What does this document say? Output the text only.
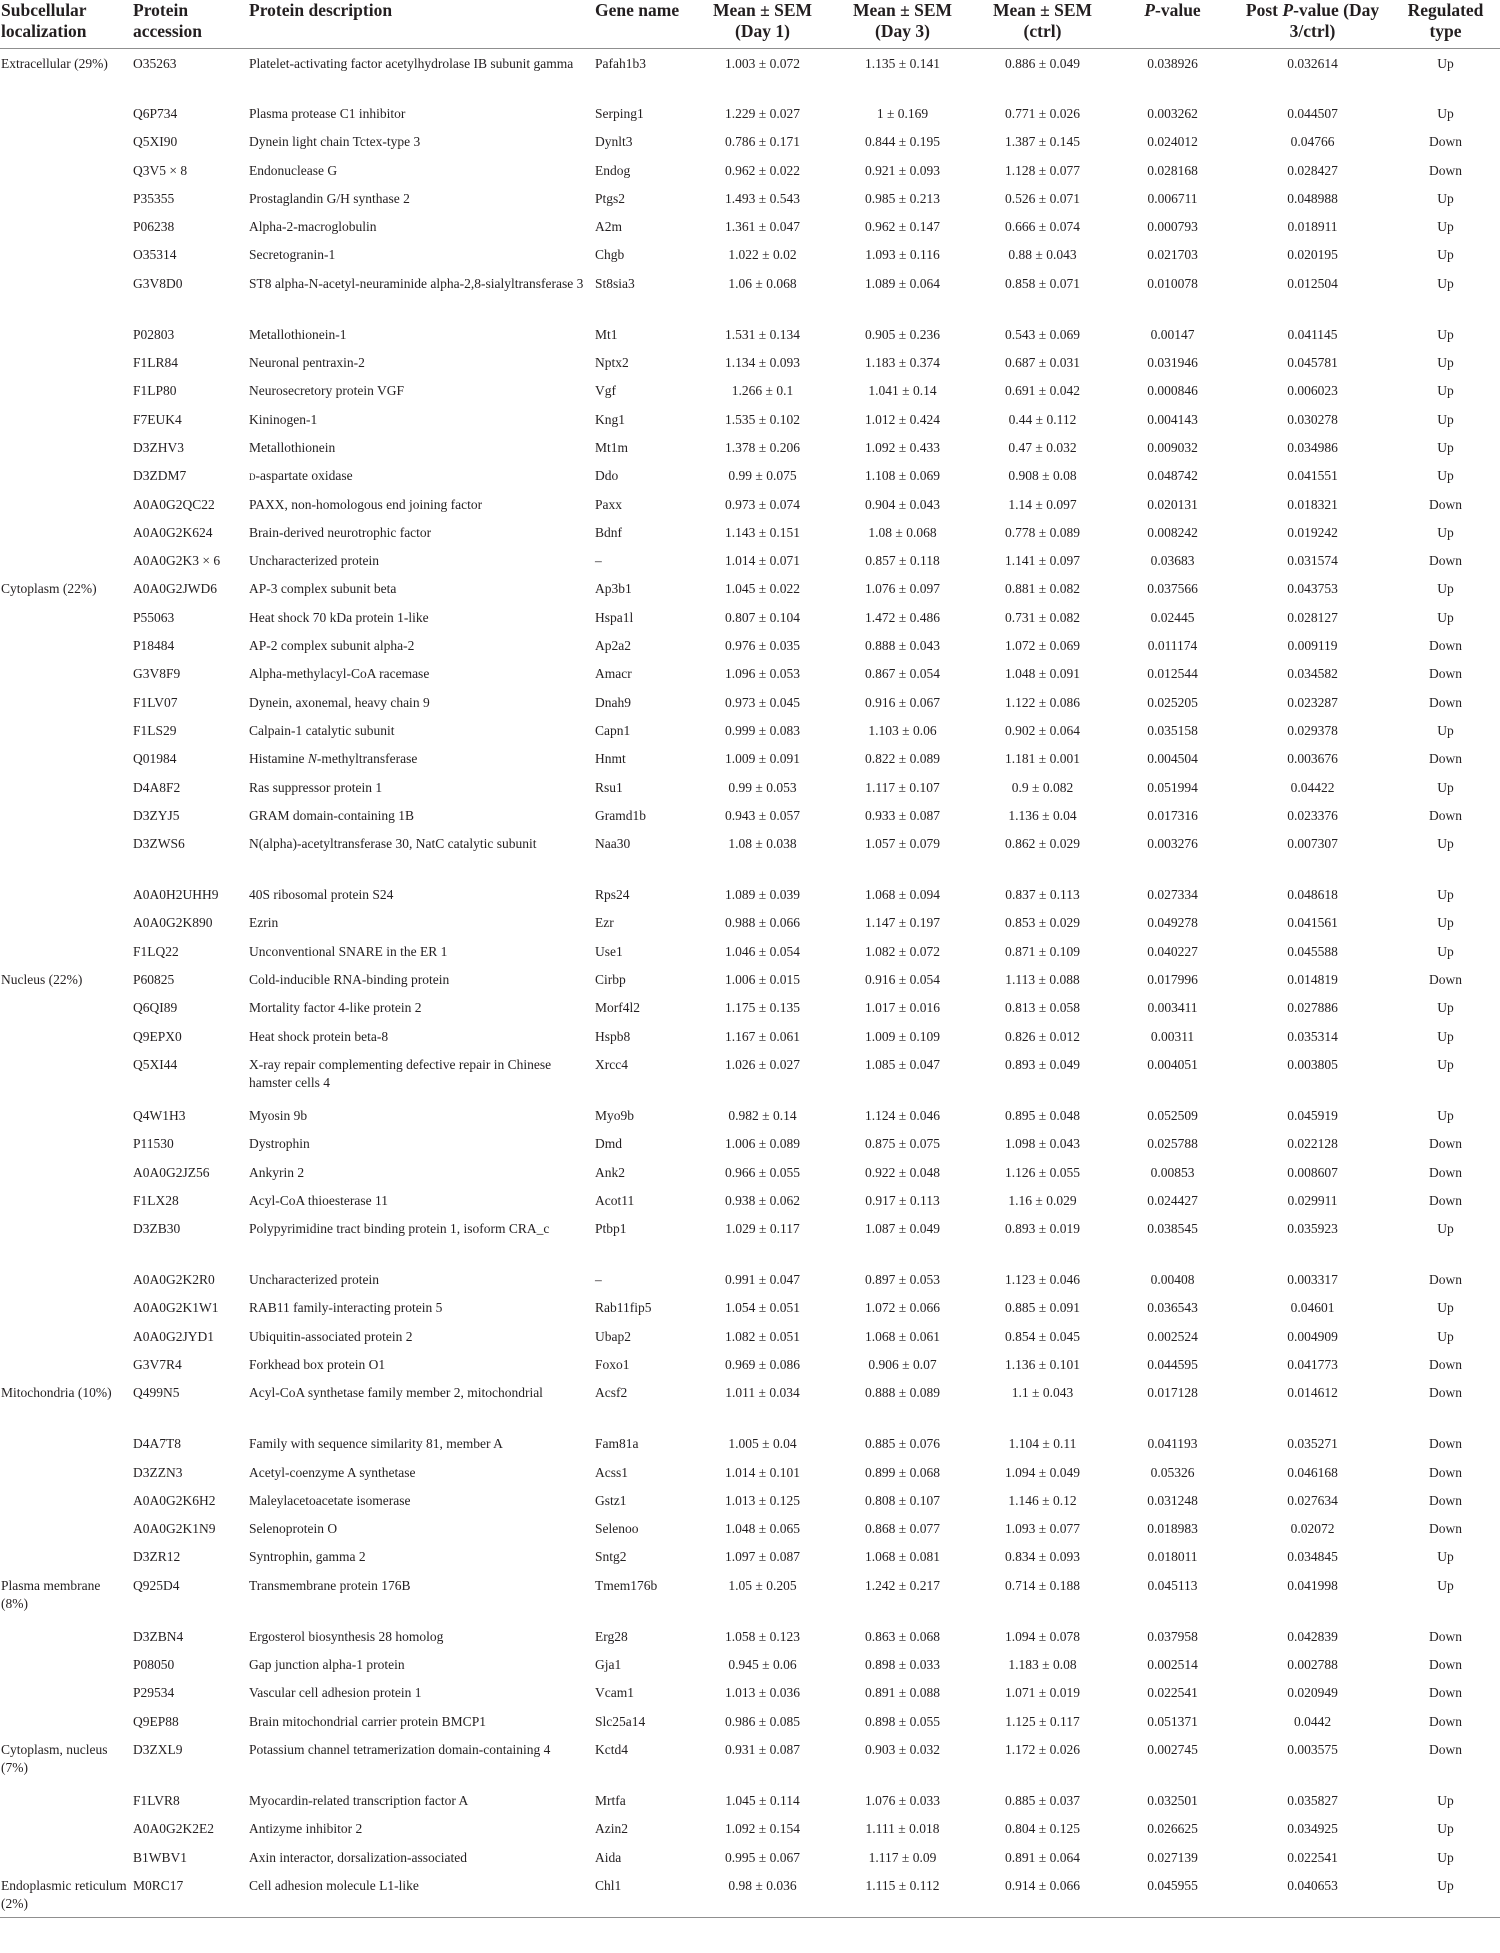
Subcellular localization	Protein accession	Protein description	Gene name	Mean ± SEM (Day 1)	Mean ± SEM (Day 3)	Mean ± SEM (ctrl)	P-value	Post P-value (Day 3/ctrl)	Regulated type
Extracellular (29%)	O35263	Platelet-activating factor acetylhydrolase IB subunit gamma	Pafah1b3	1.003 ± 0.072	1.135 ± 0.141	0.886 ± 0.049	0.038926	0.032614	Up
	Q6P734	Plasma protease C1 inhibitor	Serping1	1.229 ± 0.027	1 ± 0.169	0.771 ± 0.026	0.003262	0.044507	Up
	Q5XI90	Dynein light chain Tctex-type 3	Dynlt3	0.786 ± 0.171	0.844 ± 0.195	1.387 ± 0.145	0.024012	0.04766	Down
	Q3V5 × 8	Endonuclease G	Endog	0.962 ± 0.022	0.921 ± 0.093	1.128 ± 0.077	0.028168	0.028427	Down
	P35355	Prostaglandin G/H synthase 2	Ptgs2	1.493 ± 0.543	0.985 ± 0.213	0.526 ± 0.071	0.006711	0.048988	Up
	P06238	Alpha-2-macroglobulin	A2m	1.361 ± 0.047	0.962 ± 0.147	0.666 ± 0.074	0.000793	0.018911	Up
	O35314	Secretogranin-1	Chgb	1.022 ± 0.02	1.093 ± 0.116	0.88 ± 0.043	0.021703	0.020195	Up
	G3V8D0	ST8 alpha-N-acetyl-neuraminide alpha-2,8-sialyltransferase 3	St8sia3	1.06 ± 0.068	1.089 ± 0.064	0.858 ± 0.071	0.010078	0.012504	Up
	P02803	Metallothionein-1	Mt1	1.531 ± 0.134	0.905 ± 0.236	0.543 ± 0.069	0.00147	0.041145	Up
	F1LR84	Neuronal pentraxin-2	Nptx2	1.134 ± 0.093	1.183 ± 0.374	0.687 ± 0.031	0.031946	0.045781	Up
	F1LP80	Neurosecretory protein VGF	Vgf	1.266 ± 0.1	1.041 ± 0.14	0.691 ± 0.042	0.000846	0.006023	Up
	F7EUK4	Kininogen-1	Kng1	1.535 ± 0.102	1.012 ± 0.424	0.44 ± 0.112	0.004143	0.030278	Up
	D3ZHV3	Metallothionein	Mt1m	1.378 ± 0.206	1.092 ± 0.433	0.47 ± 0.032	0.009032	0.034986	Up
	D3ZDM7	d-aspartate oxidase	Ddo	0.99 ± 0.075	1.108 ± 0.069	0.908 ± 0.08	0.048742	0.041551	Up
	A0A0G2QC22	PAXX, non-homologous end joining factor	Paxx	0.973 ± 0.074	0.904 ± 0.043	1.14 ± 0.097	0.020131	0.018321	Down
	A0A0G2K624	Brain-derived neurotrophic factor	Bdnf	1.143 ± 0.151	1.08 ± 0.068	0.778 ± 0.089	0.008242	0.019242	Up
	A0A0G2K3 × 6	Uncharacterized protein	–	1.014 ± 0.071	0.857 ± 0.118	1.141 ± 0.097	0.03683	0.031574	Down
Cytoplasm (22%)	A0A0G2JWD6	AP-3 complex subunit beta	Ap3b1	1.045 ± 0.022	1.076 ± 0.097	0.881 ± 0.082	0.037566	0.043753	Up
	P55063	Heat shock 70 kDa protein 1-like	Hspa1l	0.807 ± 0.104	1.472 ± 0.486	0.731 ± 0.082	0.02445	0.028127	Up
	P18484	AP-2 complex subunit alpha-2	Ap2a2	0.976 ± 0.035	0.888 ± 0.043	1.072 ± 0.069	0.011174	0.009119	Down
	G3V8F9	Alpha-methylacyl-CoA racemase	Amacr	1.096 ± 0.053	0.867 ± 0.054	1.048 ± 0.091	0.012544	0.034582	Down
	F1LV07	Dynein, axonemal, heavy chain 9	Dnah9	0.973 ± 0.045	0.916 ± 0.067	1.122 ± 0.086	0.025205	0.023287	Down
	F1LS29	Calpain-1 catalytic subunit	Capn1	0.999 ± 0.083	1.103 ± 0.06	0.902 ± 0.064	0.035158	0.029378	Up
	Q01984	Histamine N-methyltransferase	Hnmt	1.009 ± 0.091	0.822 ± 0.089	1.181 ± 0.001	0.004504	0.003676	Down
	D4A8F2	Ras suppressor protein 1	Rsu1	0.99 ± 0.053	1.117 ± 0.107	0.9 ± 0.082	0.051994	0.04422	Up
	D3ZYJ5	GRAM domain-containing 1B	Gramd1b	0.943 ± 0.057	0.933 ± 0.087	1.136 ± 0.04	0.017316	0.023376	Down
	D3ZWS6	N(alpha)-acetyltransferase 30, NatC catalytic subunit	Naa30	1.08 ± 0.038	1.057 ± 0.079	0.862 ± 0.029	0.003276	0.007307	Up
	A0A0H2UHH9	40S ribosomal protein S24	Rps24	1.089 ± 0.039	1.068 ± 0.094	0.837 ± 0.113	0.027334	0.048618	Up
	A0A0G2K890	Ezrin	Ezr	0.988 ± 0.066	1.147 ± 0.197	0.853 ± 0.029	0.049278	0.041561	Up
	F1LQ22	Unconventional SNARE in the ER 1	Use1	1.046 ± 0.054	1.082 ± 0.072	0.871 ± 0.109	0.040227	0.045588	Up
Nucleus (22%)	P60825	Cold-inducible RNA-binding protein	Cirbp	1.006 ± 0.015	0.916 ± 0.054	1.113 ± 0.088	0.017996	0.014819	Down
	Q6QI89	Mortality factor 4-like protein 2	Morf4l2	1.175 ± 0.135	1.017 ± 0.016	0.813 ± 0.058	0.003411	0.027886	Up
	Q9EPX0	Heat shock protein beta-8	Hspb8	1.167 ± 0.061	1.009 ± 0.109	0.826 ± 0.012	0.00311	0.035314	Up
	Q5XI44	X-ray repair complementing defective repair in Chinese hamster cells 4	Xrcc4	1.026 ± 0.027	1.085 ± 0.047	0.893 ± 0.049	0.004051	0.003805	Up
	Q4W1H3	Myosin 9b	Myo9b	0.982 ± 0.14	1.124 ± 0.046	0.895 ± 0.048	0.052509	0.045919	Up
	P11530	Dystrophin	Dmd	1.006 ± 0.089	0.875 ± 0.075	1.098 ± 0.043	0.025788	0.022128	Down
	A0A0G2JZ56	Ankyrin 2	Ank2	0.966 ± 0.055	0.922 ± 0.048	1.126 ± 0.055	0.00853	0.008607	Down
	F1LX28	Acyl-CoA thioesterase 11	Acot11	0.938 ± 0.062	0.917 ± 0.113	1.16 ± 0.029	0.024427	0.029911	Down
	D3ZB30	Polypyrimidine tract binding protein 1, isoform CRA_c	Ptbp1	1.029 ± 0.117	1.087 ± 0.049	0.893 ± 0.019	0.038545	0.035923	Up
	A0A0G2K2R0	Uncharacterized protein	–	0.991 ± 0.047	0.897 ± 0.053	1.123 ± 0.046	0.00408	0.003317	Down
	A0A0G2K1W1	RAB11 family-interacting protein 5	Rab11fip5	1.054 ± 0.051	1.072 ± 0.066	0.885 ± 0.091	0.036543	0.04601	Up
	A0A0G2JYD1	Ubiquitin-associated protein 2	Ubap2	1.082 ± 0.051	1.068 ± 0.061	0.854 ± 0.045	0.002524	0.004909	Up
	G3V7R4	Forkhead box protein O1	Foxo1	0.969 ± 0.086	0.906 ± 0.07	1.136 ± 0.101	0.044595	0.041773	Down
Mitochondria (10%)	Q499N5	Acyl-CoA synthetase family member 2, mitochondrial	Acsf2	1.011 ± 0.034	0.888 ± 0.089	1.1 ± 0.043	0.017128	0.014612	Down
	D4A7T8	Family with sequence similarity 81, member A	Fam81a	1.005 ± 0.04	0.885 ± 0.076	1.104 ± 0.11	0.041193	0.035271	Down
	D3ZZN3	Acetyl-coenzyme A synthetase	Acss1	1.014 ± 0.101	0.899 ± 0.068	1.094 ± 0.049	0.05326	0.046168	Down
	A0A0G2K6H2	Maleylacetoacetate isomerase	Gstz1	1.013 ± 0.125	0.808 ± 0.107	1.146 ± 0.12	0.031248	0.027634	Down
	A0A0G2K1N9	Selenoprotein O	Selenoo	1.048 ± 0.065	0.868 ± 0.077	1.093 ± 0.077	0.018983	0.02072	Down
	D3ZR12	Syntrophin, gamma 2	Sntg2	1.097 ± 0.087	1.068 ± 0.081	0.834 ± 0.093	0.018011	0.034845	Up
Plasma membrane (8%)	Q925D4	Transmembrane protein 176B	Tmem176b	1.05 ± 0.205	1.242 ± 0.217	0.714 ± 0.188	0.045113	0.041998	Up
	D3ZBN4	Ergosterol biosynthesis 28 homolog	Erg28	1.058 ± 0.123	0.863 ± 0.068	1.094 ± 0.078	0.037958	0.042839	Down
	P08050	Gap junction alpha-1 protein	Gja1	0.945 ± 0.06	0.898 ± 0.033	1.183 ± 0.08	0.002514	0.002788	Down
	P29534	Vascular cell adhesion protein 1	Vcam1	1.013 ± 0.036	0.891 ± 0.088	1.071 ± 0.019	0.022541	0.020949	Down
	Q9EP88	Brain mitochondrial carrier protein BMCP1	Slc25a14	0.986 ± 0.085	0.898 ± 0.055	1.125 ± 0.117	0.051371	0.0442	Down
Cytoplasm, nucleus (7%)	D3ZXL9	Potassium channel tetramerization domain-containing 4	Kctd4	0.931 ± 0.087	0.903 ± 0.032	1.172 ± 0.026	0.002745	0.003575	Down
	F1LVR8	Myocardin-related transcription factor A	Mrtfa	1.045 ± 0.114	1.076 ± 0.033	0.885 ± 0.037	0.032501	0.035827	Up
	A0A0G2K2E2	Antizyme inhibitor 2	Azin2	1.092 ± 0.154	1.111 ± 0.018	0.804 ± 0.125	0.026625	0.034925	Up
	B1WBV1	Axin interactor, dorsalization-associated	Aida	0.995 ± 0.067	1.117 ± 0.09	0.891 ± 0.064	0.027139	0.022541	Up
Endoplasmic reticulum (2%)	M0RC17	Cell adhesion molecule L1-like	Chl1	0.98 ± 0.036	1.115 ± 0.112	0.914 ± 0.066	0.045955	0.040653	Up
